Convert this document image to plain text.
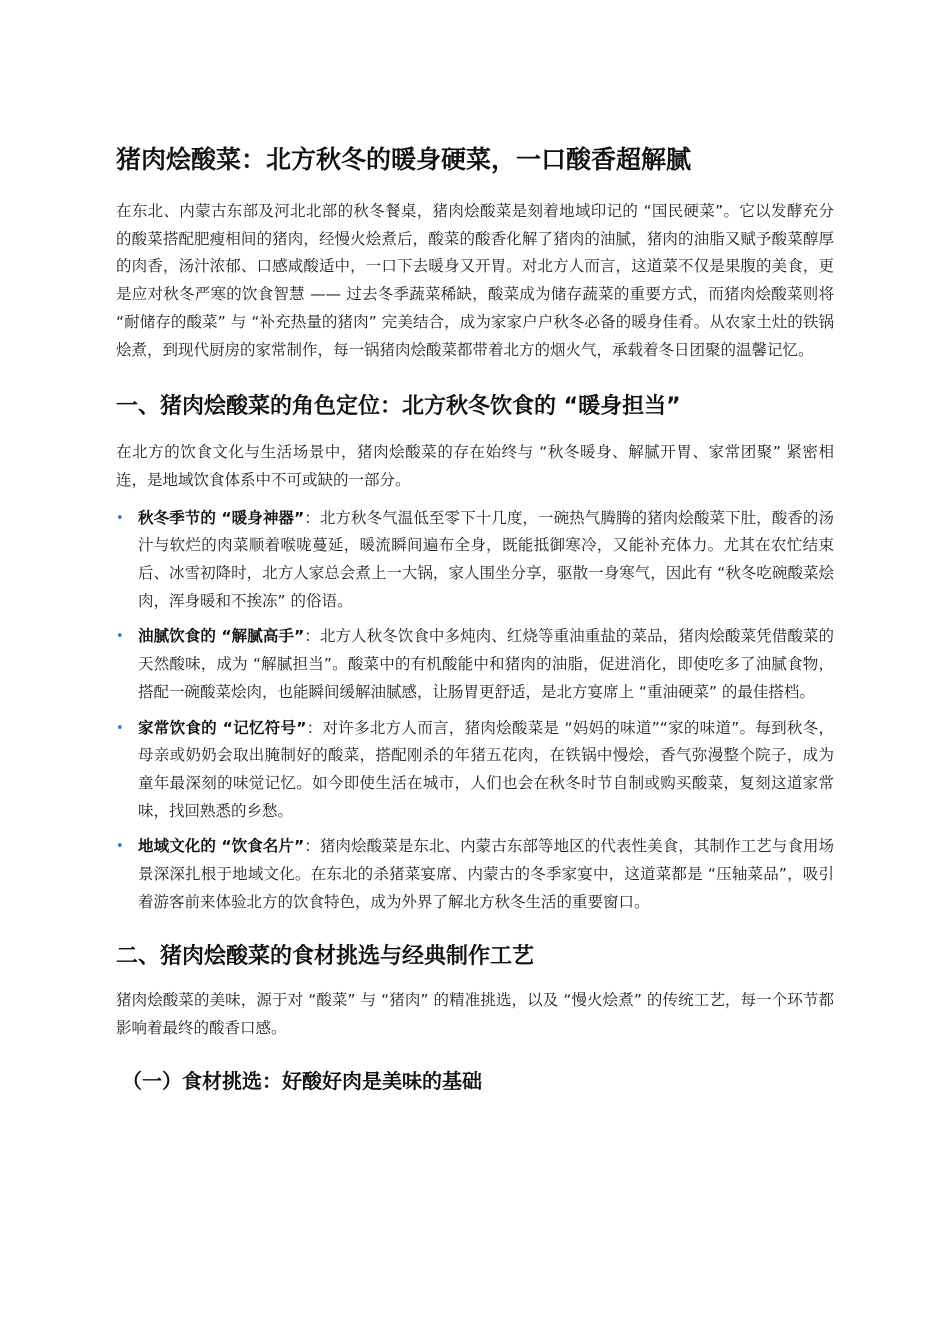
猪肉烩酸菜：北方秋冬的暖身硬菜，一口酸香超解腻

在东北、内蒙古东部及河北北部的秋冬餐桌，猪肉烩酸菜是刻着地域印记的 “国民硬菜”。它以发酵充分的酸菜搭配肥瘦相间的猪肉，经慢火烩煮后，酸菜的酸香化解了猪肉的油腻，猪肉的油脂又赋予酸菜醇厚的肉香，汤汁浓郁、口感咸酸适中，一口下去暖身又开胃。对北方人而言，这道菜不仅是果腹的美食，更是应对秋冬严寒的饮食智慧 —— 过去冬季蔬菜稀缺，酸菜成为储存蔬菜的重要方式，而猪肉烩酸菜则将 “耐储存的酸菜” 与 “补充热量的猪肉” 完美结合，成为家家户户秋冬必备的暖身佳肴。从农家土灶的铁锅烩煮，到现代厨房的家常制作，每一锅猪肉烩酸菜都带着北方的烟火气，承载着冬日团聚的温馨记忆。

一、猪肉烩酸菜的角色定位：北方秋冬饮食的 “暖身担当”

在北方的饮食文化与生活场景中，猪肉烩酸菜的存在始终与 “秋冬暖身、解腻开胃、家常团聚” 紧密相连，是地域饮食体系中不可或缺的一部分。

• 秋冬季节的 “暖身神器”：北方秋冬气温低至零下十几度，一碗热气腾腾的猪肉烩酸菜下肚，酸香的汤汁与软烂的肉菜顺着喉咙蔓延，暖流瞬间遍布全身，既能抵御寒冷，又能补充体力。尤其在农忙结束后、冰雪初降时，北方人家总会煮上一大锅，家人围坐分享，驱散一身寒气，因此有 “秋冬吃碗酸菜烩肉，浑身暖和不挨冻” 的俗语。
• 油腻饮食的 “解腻高手”：北方人秋冬饮食中多炖肉、红烧等重油重盐的菜品，猪肉烩酸菜凭借酸菜的天然酸味，成为 “解腻担当”。酸菜中的有机酸能中和猪肉的油脂，促进消化，即使吃多了油腻食物，搭配一碗酸菜烩肉，也能瞬间缓解油腻感，让肠胃更舒适，是北方宴席上 “重油硬菜” 的最佳搭档。
• 家常饮食的 “记忆符号”：对许多北方人而言，猪肉烩酸菜是 “妈妈的味道”“家的味道”。每到秋冬，母亲或奶奶会取出腌制好的酸菜，搭配刚杀的年猪五花肉，在铁锅中慢烩，香气弥漫整个院子，成为童年最深刻的味觉记忆。如今即使生活在城市，人们也会在秋冬时节自制或购买酸菜，复刻这道家常味，找回熟悉的乡愁。
• 地域文化的 “饮食名片”：猪肉烩酸菜是东北、内蒙古东部等地区的代表性美食，其制作工艺与食用场景深深扎根于地域文化。在东北的杀猪菜宴席、内蒙古的冬季家宴中，这道菜都是 “压轴菜品”，吸引着游客前来体验北方的饮食特色，成为外界了解北方秋冬生活的重要窗口。
二、猪肉烩酸菜的食材挑选与经典制作工艺

猪肉烩酸菜的美味，源于对 “酸菜” 与 “猪肉” 的精准挑选，以及 “慢火烩煮” 的传统工艺，每一个环节都影响着最终的酸香口感。

（一）食材挑选：好酸好肉是美味的基础
